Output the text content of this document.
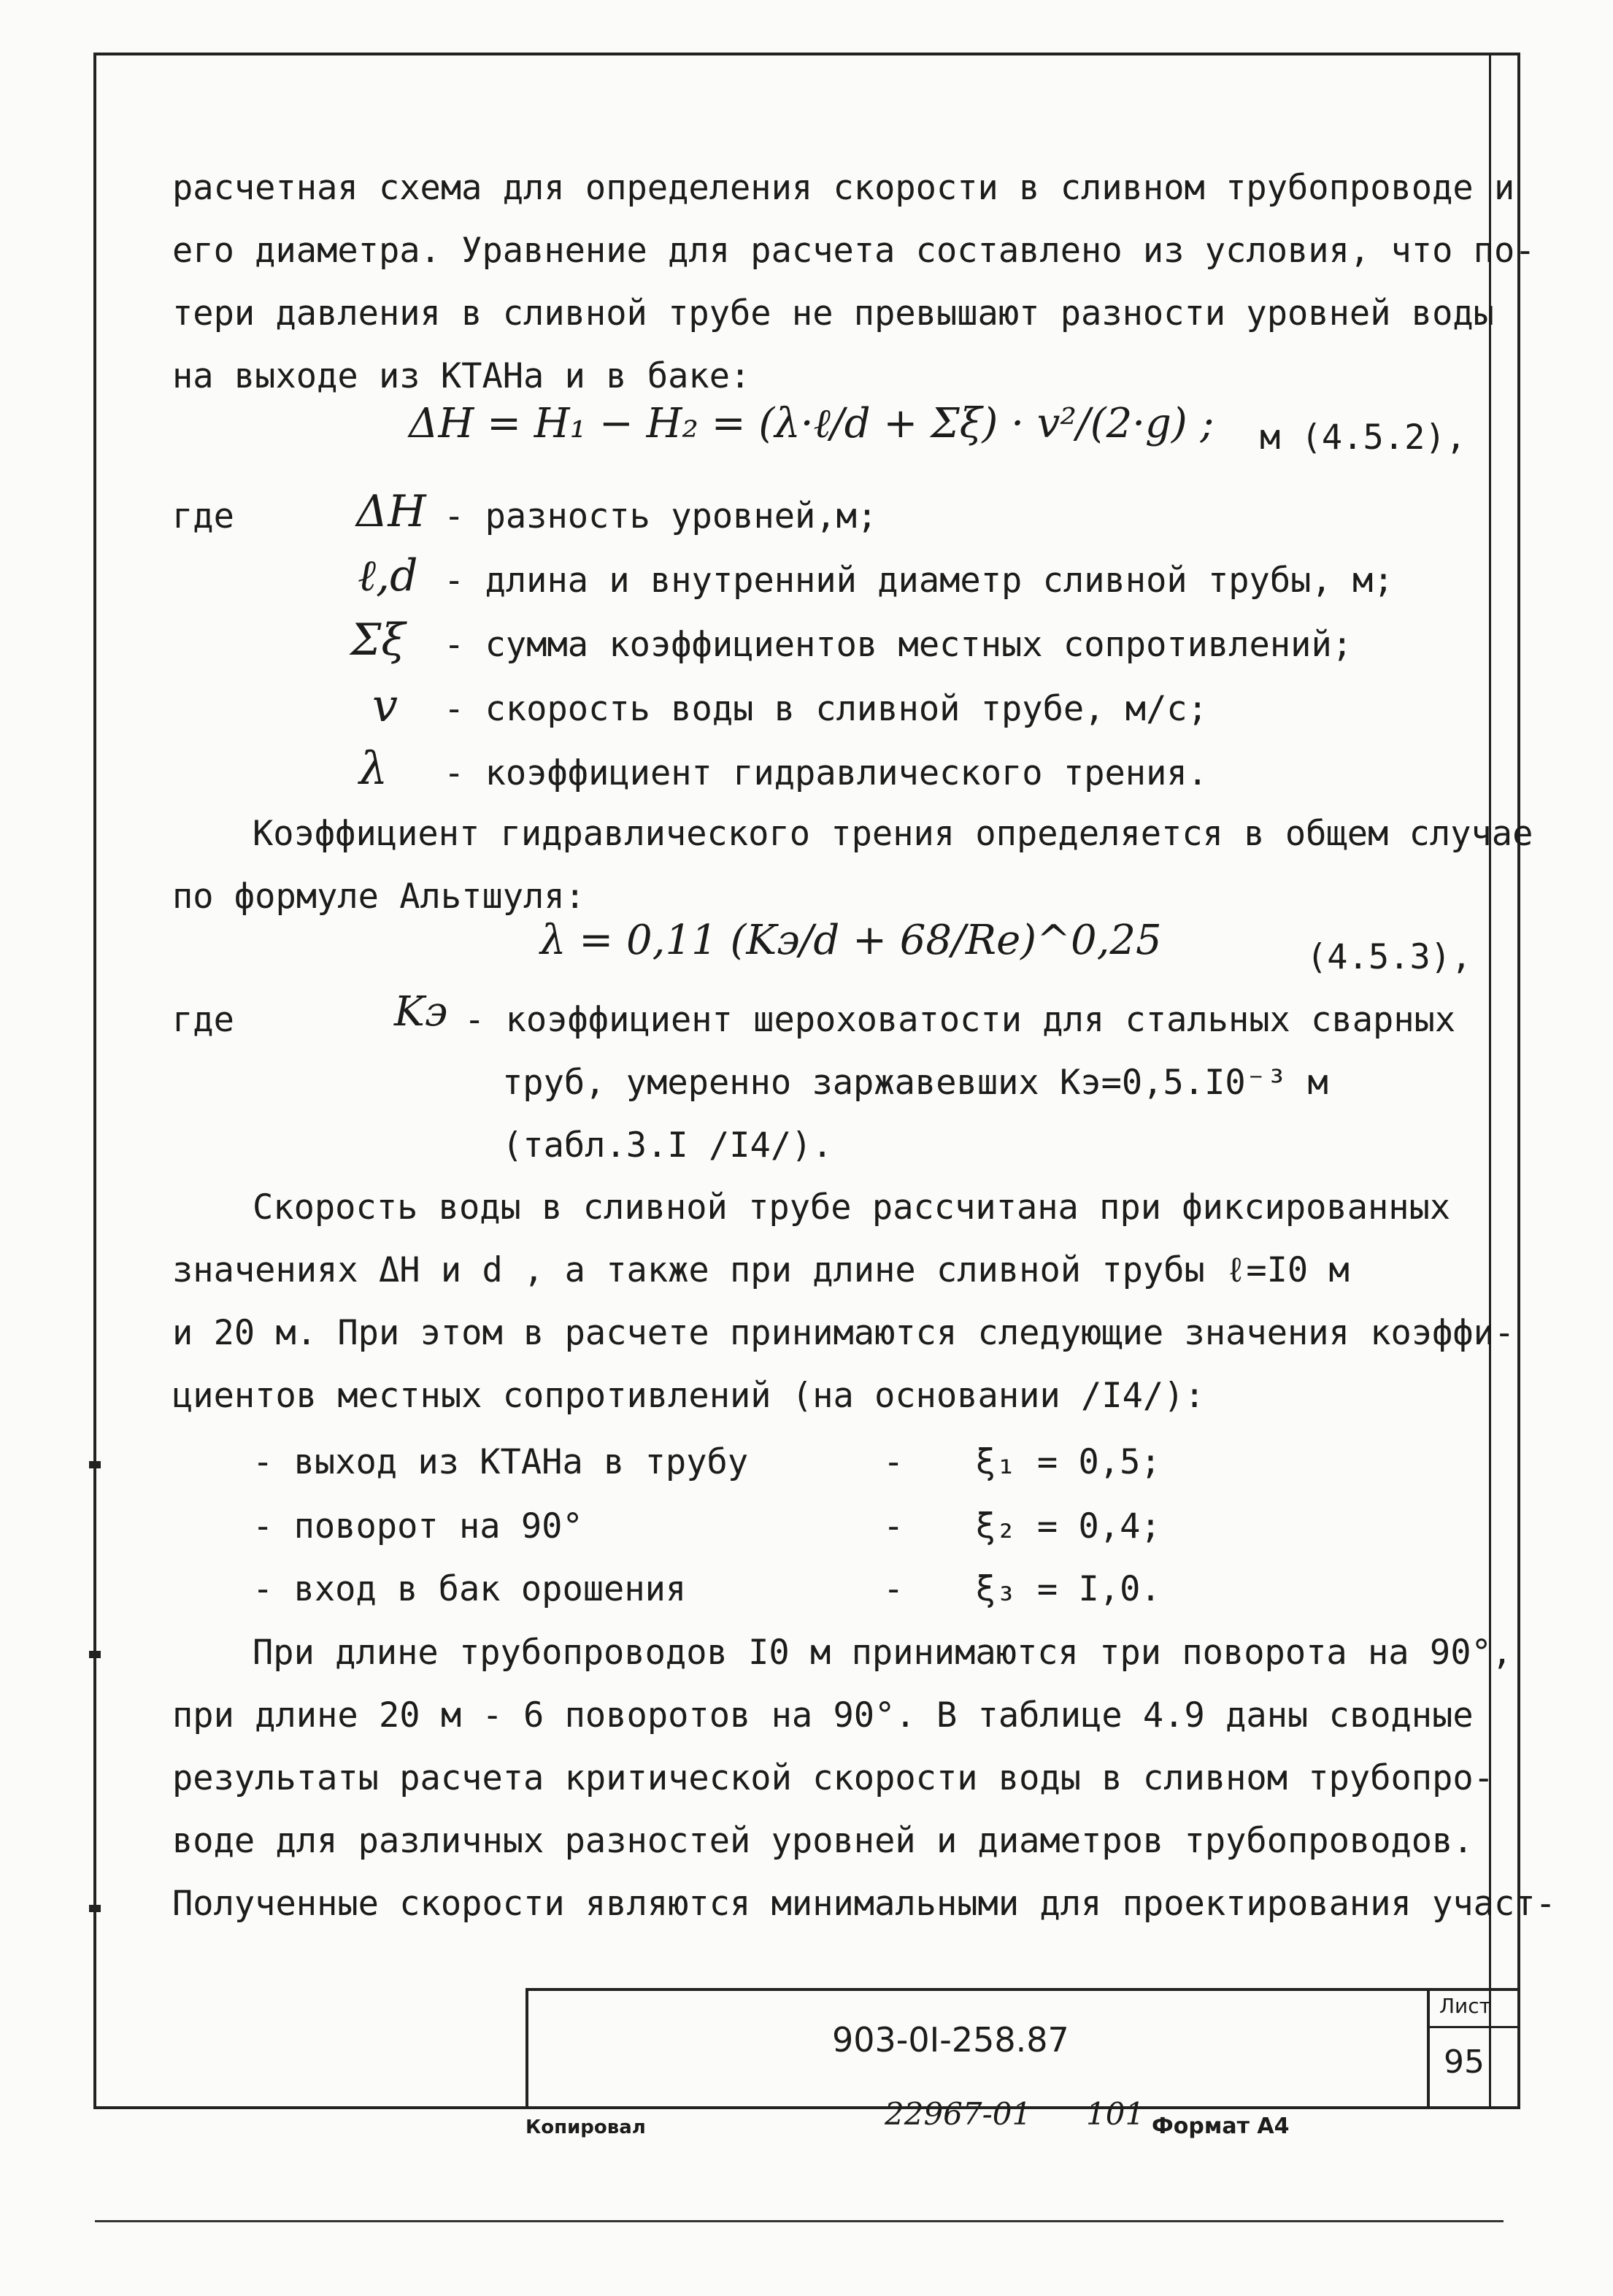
расчетная схема для определения скорости в сливном трубопроводе и
его диаметра. Уравнение для расчета составлено из условия, что по-
тери давления в сливной трубе не превышают разности уровней воды
на выходе из КТАНа и в баке:
ΔH = H₁ − H₂ = (λ·ℓ/d + Σξ) · v²/(2·g) ; м (4.5.2),
где	ΔH - разность уровней,м;
ℓ,d - длина и внутренний диаметр сливной трубы, м;
Σξ - сумма коэффициентов местных сопротивлений;
v - скорость воды в сливной трубе, м/с;
λ - коэффициент гидравлического трения.
Коэффициент гидравлического трения определяется в общем случае
по формуле Альтшуля:
λ = 0,11 (Kэ/d + 68/Re)^0,25	(4.5.3),
где	Kэ - коэффициент шероховатости для стальных сварных
труб, умеренно заржавевших Кэ=0,5.I0⁻³ м
(табл.3.I /I4/).
Скорость воды в сливной трубе рассчитана при фиксированных
значениях ΔH и d , а также при длине сливной трубы ℓ=I0 м
и 20 м. При этом в расчете принимаются следующие значения коэффи-
циентов местных сопротивлений (на основании /I4/):
- выход из КТАНа в трубу	- ξ₁ = 0,5;
- поворот на 90°	- ξ₂ = 0,4;
- вход в бак орошения	- ξ₃ = I,0.
При длине трубопроводов I0 м принимаются три поворота на 90°,
при длине 20 м - 6 поворотов на 90°. В таблице 4.9 даны сводные
результаты расчета критической скорости воды в сливном трубопро-
воде для различных разностей уровней и диаметров трубопроводов.
Полученные скорости являются минимальными для проектирования участ-
903-0I-258.87
Лист
95
Копировал	22967-01 101 Формат А4
